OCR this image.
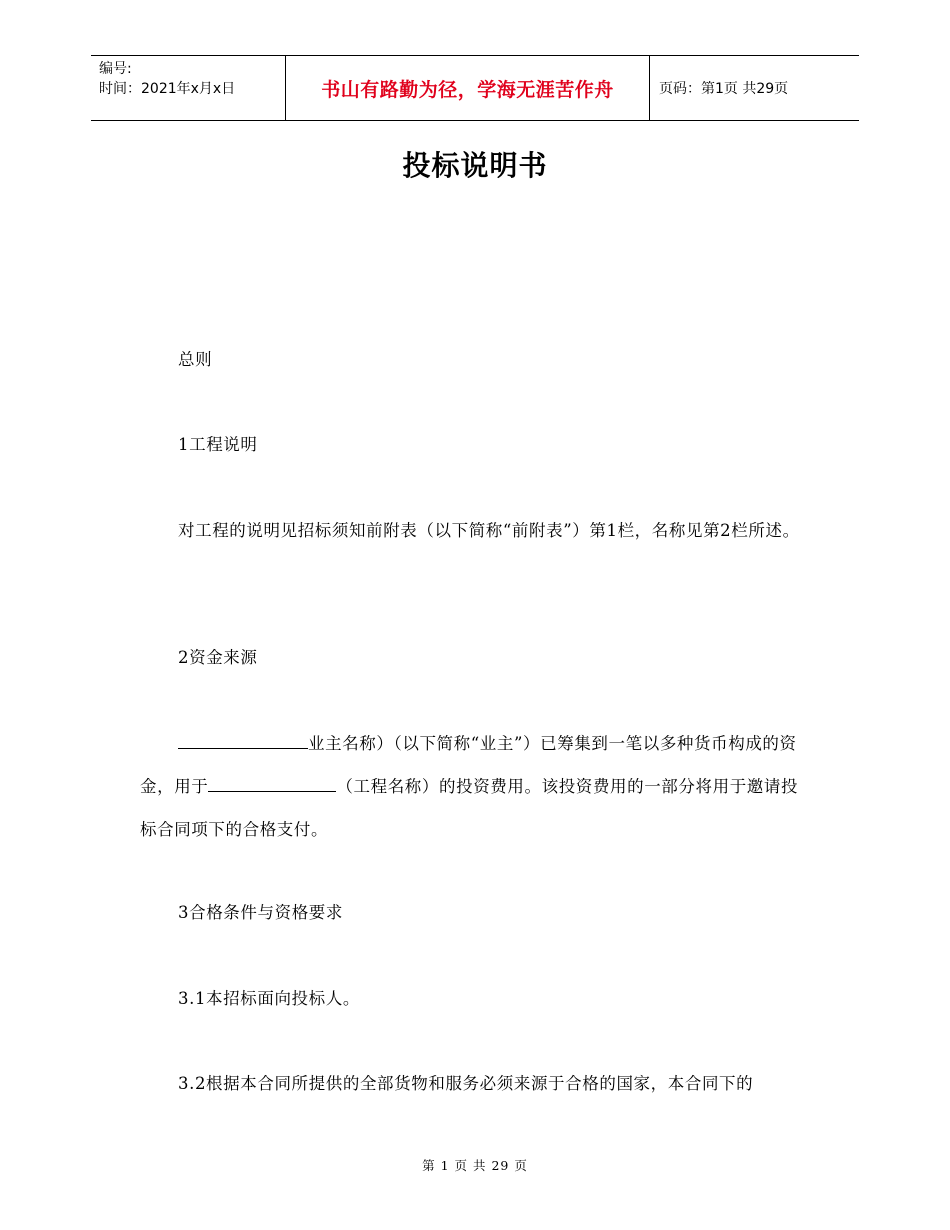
编号:
时间：2021年x月x日	书山有路勤为径，学海无涯苦作舟	页码：第1页 共29页
投标说明书
总则
1工程说明
对工程的说明见招标须知前附表（以下简称“前附表”）第1栏，名称见第2栏所述。
2资金来源
业主名称）（以下简称“业主”）已筹集到一笔以多种货币构成的资金，用于	（工程名称）的投资费用。该投资费用的一部分将用于邀请投标合同项下的合格支付。
3合格条件与资格要求
3.1本招标面向投标人。
3.2根据本合同所提供的全部货物和服务必须来源于合格的国家，本合同下的
第 1 页 共 29 页
